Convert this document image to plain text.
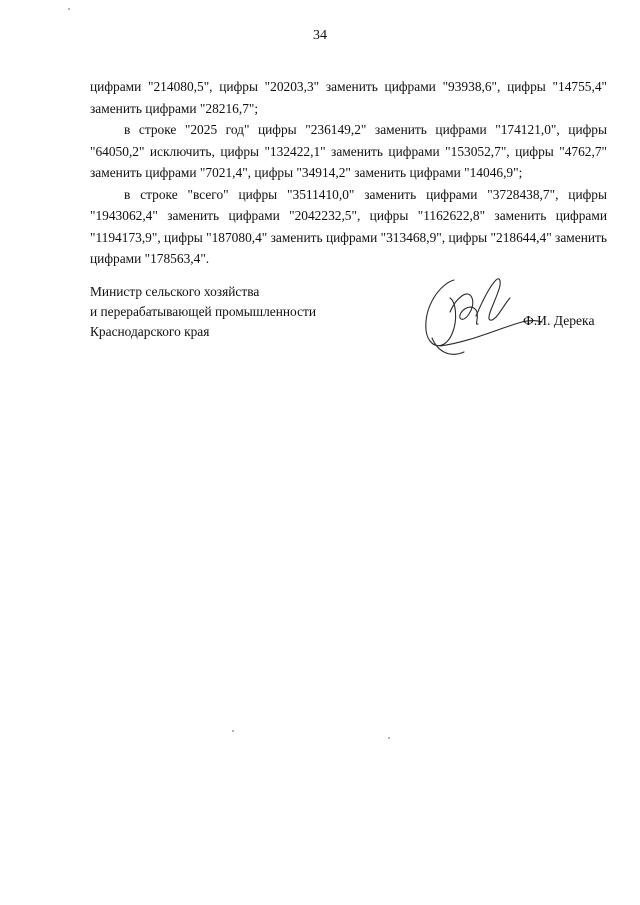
34

цифрами "214080,5", цифры "20203,3" заменить цифрами "93938,6", цифры "14755,4" заменить цифрами "28216,7";

в строке "2025 год" цифры "236149,2" заменить цифрами "174121,0", цифры "64050,2" исключить, цифры "132422,1" заменить цифрами "153052,7", цифры "4762,7" заменить цифрами "7021,4", цифры "34914,2" заменить цифрами "14046,9";

в строке "всего" цифры "3511410,0" заменить цифрами "3728438,7", цифры "1943062,4" заменить цифрами "2042232,5", цифры "1162622,8" заменить цифрами "1194173,9", цифры "187080,4" заменить цифрами "313468,9", цифры "218644,4" заменить цифрами "178563,4".

Министр сельского хозяйства
и перерабатывающей промышленности
Краснодарского края
Ф.И. Дерека
